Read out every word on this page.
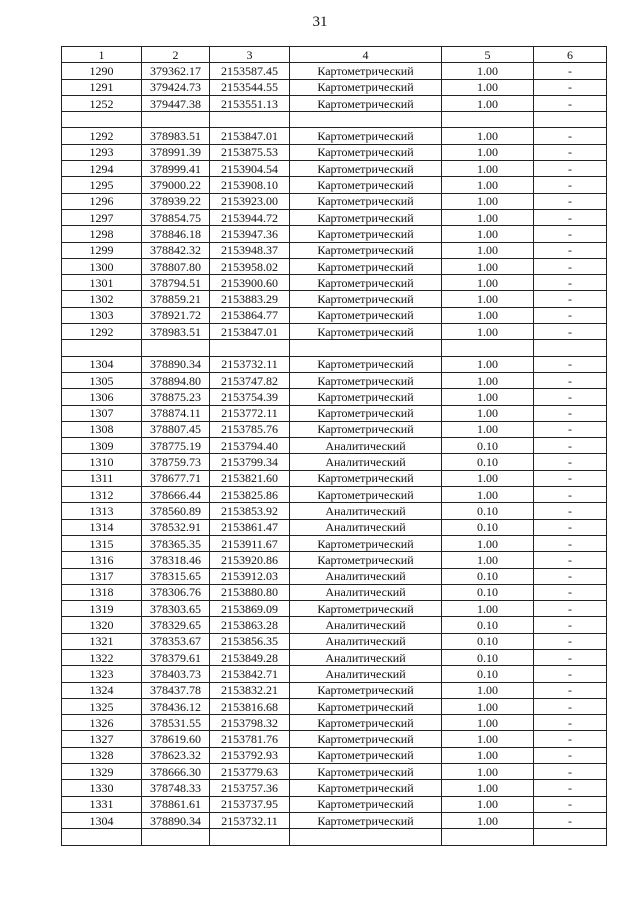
31
1	2	3	4	5	6
1290	379362.17	2153587.45	Картометрический	1.00	-
1291	379424.73	2153544.55	Картометрический	1.00	-
1252	379447.38	2153551.13	Картометрический	1.00	-

1292	378983.51	2153847.01	Картометрический	1.00	-
1293	378991.39	2153875.53	Картометрический	1.00	-
1294	378999.41	2153904.54	Картометрический	1.00	-
1295	379000.22	2153908.10	Картометрический	1.00	-
1296	378939.22	2153923.00	Картометрический	1.00	-
1297	378854.75	2153944.72	Картометрический	1.00	-
1298	378846.18	2153947.36	Картометрический	1.00	-
1299	378842.32	2153948.37	Картометрический	1.00	-
1300	378807.80	2153958.02	Картометрический	1.00	-
1301	378794.51	2153900.60	Картометрический	1.00	-
1302	378859.21	2153883.29	Картометрический	1.00	-
1303	378921.72	2153864.77	Картометрический	1.00	-
1292	378983.51	2153847.01	Картометрический	1.00	-

1304	378890.34	2153732.11	Картометрический	1.00	-
1305	378894.80	2153747.82	Картометрический	1.00	-
1306	378875.23	2153754.39	Картометрический	1.00	-
1307	378874.11	2153772.11	Картометрический	1.00	-
1308	378807.45	2153785.76	Картометрический	1.00	-
1309	378775.19	2153794.40	Аналитический	0.10	-
1310	378759.73	2153799.34	Аналитический	0.10	-
1311	378677.71	2153821.60	Картометрический	1.00	-
1312	378666.44	2153825.86	Картометрический	1.00	-
1313	378560.89	2153853.92	Аналитический	0.10	-
1314	378532.91	2153861.47	Аналитический	0.10	-
1315	378365.35	2153911.67	Картометрический	1.00	-
1316	378318.46	2153920.86	Картометрический	1.00	-
1317	378315.65	2153912.03	Аналитический	0.10	-
1318	378306.76	2153880.80	Аналитический	0.10	-
1319	378303.65	2153869.09	Картометрический	1.00	-
1320	378329.65	2153863.28	Аналитический	0.10	-
1321	378353.67	2153856.35	Аналитический	0.10	-
1322	378379.61	2153849.28	Аналитический	0.10	-
1323	378403.73	2153842.71	Аналитический	0.10	-
1324	378437.78	2153832.21	Картометрический	1.00	-
1325	378436.12	2153816.68	Картометрический	1.00	-
1326	378531.55	2153798.32	Картометрический	1.00	-
1327	378619.60	2153781.76	Картометрический	1.00	-
1328	378623.32	2153792.93	Картометрический	1.00	-
1329	378666.30	2153779.63	Картометрический	1.00	-
1330	378748.33	2153757.36	Картометрический	1.00	-
1331	378861.61	2153737.95	Картометрический	1.00	-
1304	378890.34	2153732.11	Картометрический	1.00	-
